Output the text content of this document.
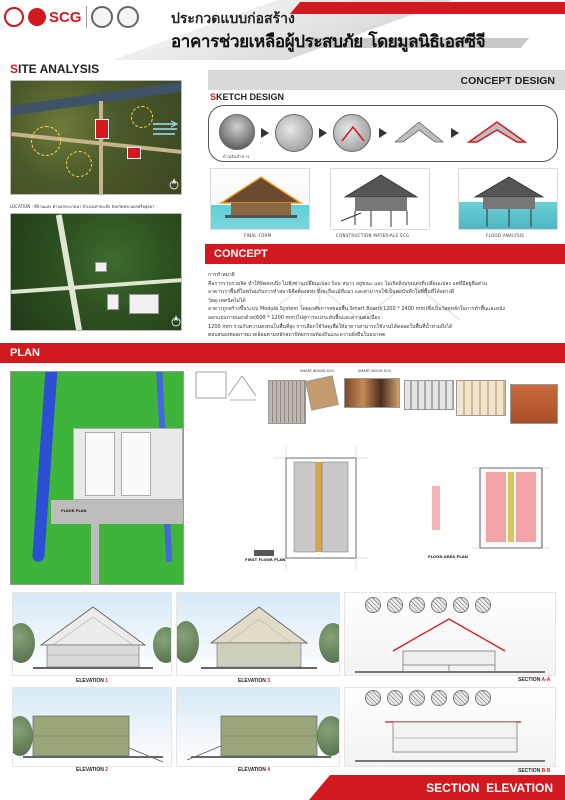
SCG	ประกวดแบบก่อสร้าง
อาคารช่วยเหลือผู้ประสบภัย โดยมูลนิธิเอสซีจี
SITE ANALYSIS
LOCATION : ที่บ้านแสง ตำบลสระบายนา อำเภอเท่าสะเทิง จังหวัดพระนครศรีอยุธยา
CONCEPT DESIGN
SKETCH DESIGN
บ้านริมลำธาร
FINAL FORM	CONSTRUCTION MATERIALS SCG	FLOOD ANALYSIS
CONCEPT
การทำสมาธิ
คือการรวบรวมจิต ทำให้จิตสงบนิ่ง ไม่ฟุ้งซ่านเปลี่ยนแปลง ร้อน หนาว อยู่ขณะ และ ไม่เกิดสิ่งปรุงแต่งที่เปลี่ยนแปลง แต่ที่มีอยู่คือส่วน
อาคารเราพื้นที่ในพร้อมกันการทำสมาธิคือต้องสงบ ซึ่งจะถือแม้ที่แมว และสามารถใช้เป็นพอบันทึกในที่พื้นที่ได้อย่างดี
วัสดุ-เทคนิคไม่ได้
อาคารถูกสร้างขึ้นระบบ Modula System โดยอาศัยการทยอยพื้น Smart Board(1200 * 2400 mm)ซึ่งเป็นวัสดุหลักในการทำพื้นและผนัง
ออกแบบภายนอกด้วย(600 * 1200 mm)ไปสู่การแบ่งระดับพื้นและความต่อเนื่อง
1200 mm ร่วมกับความคงทนในพื้นที่สูง การเลือกใช้วัสดุเพื่อให้อาคารสามารถใช้งานได้ตลอดในพื้นที่น้ำท่วมถึงได้
ตอบสนองต่อสภาพแวดล้อมตามหลักสถาปัตยกรรมท้องถิ่นและความยั่งยืนในอนาคต
PLAN
FLOOR PLAN
SMART BOARD SCG	SMART WOOD SCG
FIRST FLOOR PLAN
FLOOD AREA PLAN
ELEVATION 1	ELEVATION 3	SECTION A-A
ELEVATION 2	ELEVATION 4	SECTION B-B
SECTION ELEVATION
